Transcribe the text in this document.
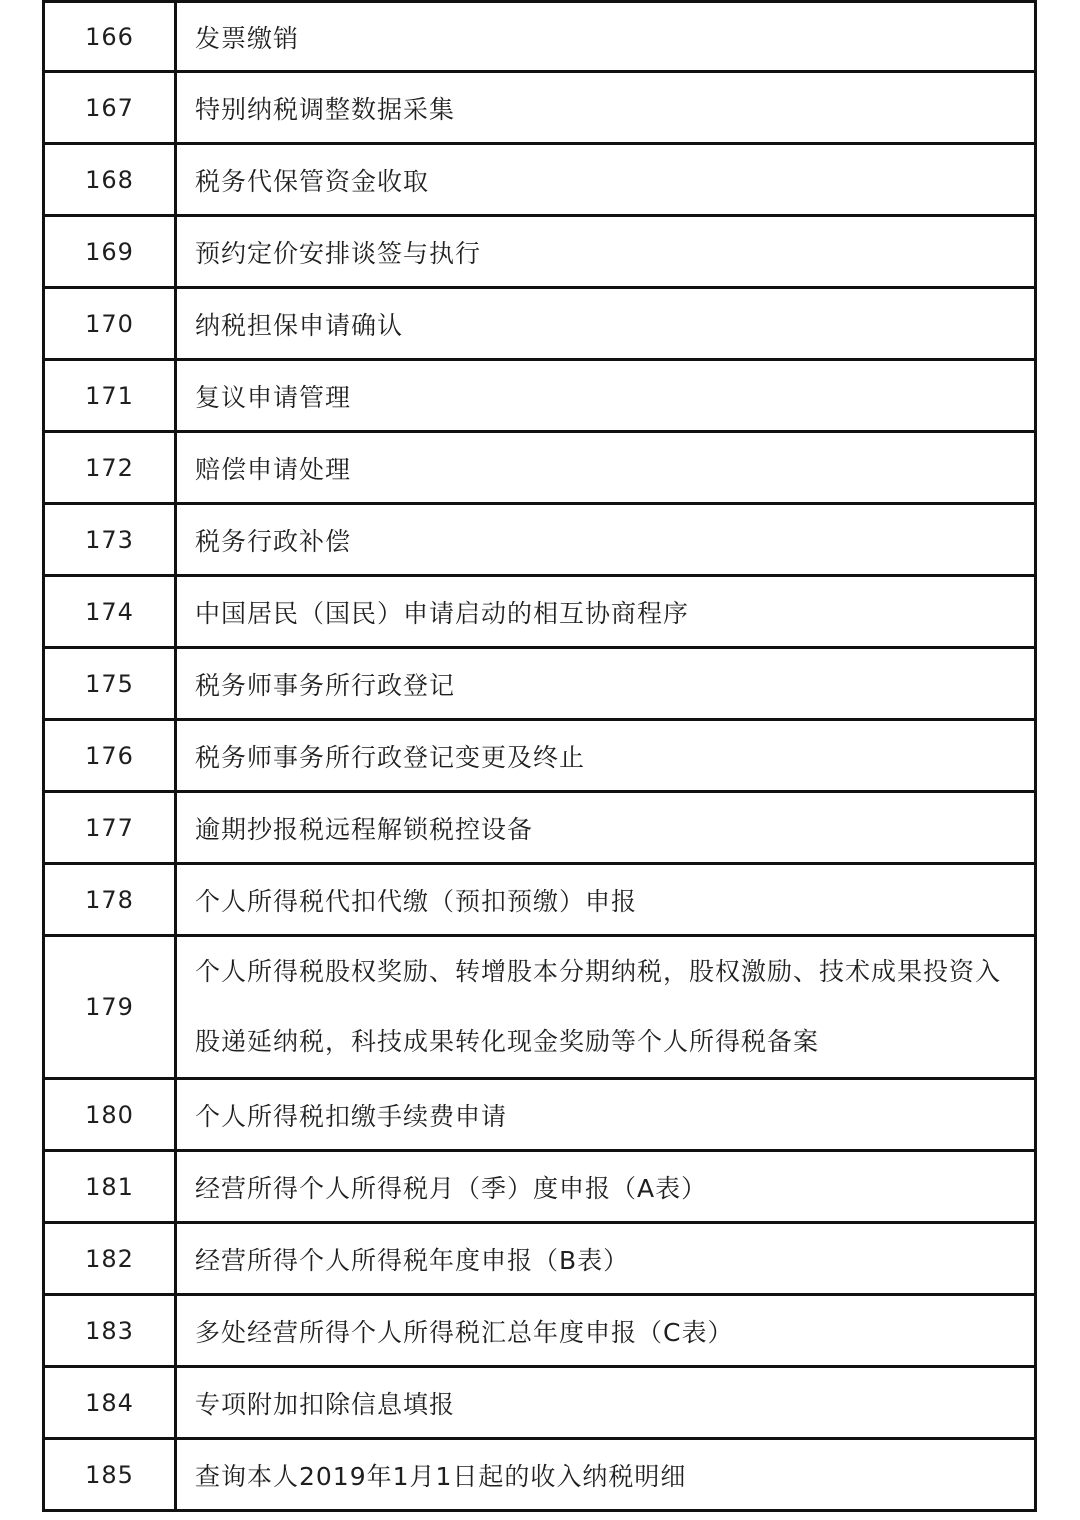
166	发票缴销
167	特别纳税调整数据采集
168	税务代保管资金收取
169	预约定价安排谈签与执行
170	纳税担保申请确认
171	复议申请管理
172	赔偿申请处理
173	税务行政补偿
174	中国居民（国民）申请启动的相互协商程序
175	税务师事务所行政登记
176	税务师事务所行政登记变更及终止
177	逾期抄报税远程解锁税控设备
178	个人所得税代扣代缴（预扣预缴）申报
179	个人所得税股权奖励、转增股本分期纳税，股权激励、技术成果投资入股递延纳税，科技成果转化现金奖励等个人所得税备案
180	个人所得税扣缴手续费申请
181	经营所得个人所得税月（季）度申报（A表）
182	经营所得个人所得税年度申报（B表）
183	多处经营所得个人所得税汇总年度申报（C表）
184	专项附加扣除信息填报
185	查询本人2019年1月1日起的收入纳税明细
